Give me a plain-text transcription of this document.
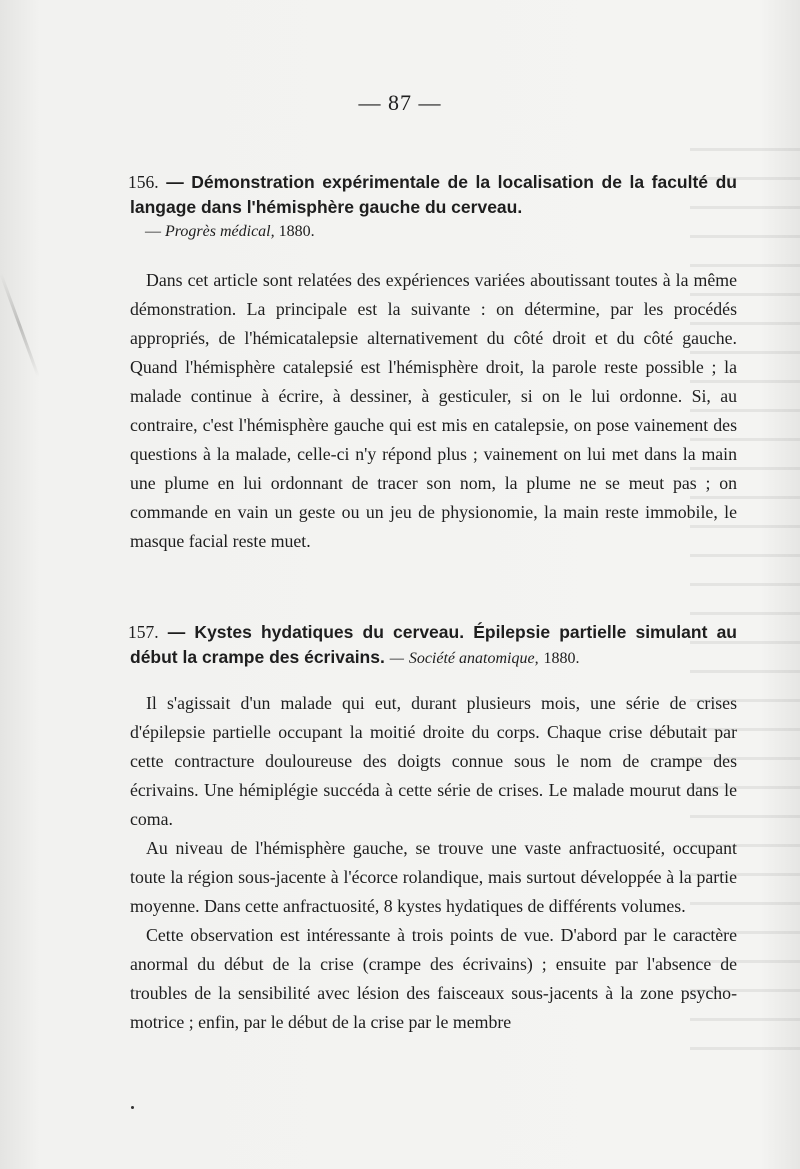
— 87 —

156. — Démonstration expérimentale de la localisation de la faculté du langage dans l'hémisphère gauche du cerveau.

— Progrès médical, 1880.

Dans cet article sont relatées des expériences variées aboutissant toutes à la même démonstration. La principale est la suivante : on détermine, par les procédés appropriés, de l'hémicatalepsie alternativement du côté droit et du côté gauche. Quand l'hémisphère catalepsié est l'hémisphère droit, la parole reste possible ; la malade continue à écrire, à dessiner, à gesticuler, si on le lui ordonne. Si, au contraire, c'est l'hémisphère gauche qui est mis en catalepsie, on pose vainement des questions à la malade, celle-ci n'y répond plus ; vainement on lui met dans la main une plume en lui ordonnant de tracer son nom, la plume ne se meut pas ; on commande en vain un geste ou un jeu de physionomie, la main reste immobile, le masque facial reste muet.

157. — Kystes hydatiques du cerveau. Épilepsie partielle simulant au début la crampe des écrivains. — Société anatomique, 1880.

Il s'agissait d'un malade qui eut, durant plusieurs mois, une série de crises d'épilepsie partielle occupant la moitié droite du corps. Chaque crise débutait par cette contracture douloureuse des doigts connue sous le nom de crampe des écrivains. Une hémiplégie succéda à cette série de crises. Le malade mourut dans le coma.

Au niveau de l'hémisphère gauche, se trouve une vaste anfractuosité, occupant toute la région sous-jacente à l'écorce rolandique, mais surtout développée à la partie moyenne. Dans cette anfractuosité, 8 kystes hydatiques de différents volumes.

Cette observation est intéressante à trois points de vue. D'abord par le caractère anormal du début de la crise (crampe des écrivains) ; ensuite par l'absence de troubles de la sensibilité avec lésion des faisceaux sous-jacents à la zone psycho-motrice ; enfin, par le début de la crise par le membre
